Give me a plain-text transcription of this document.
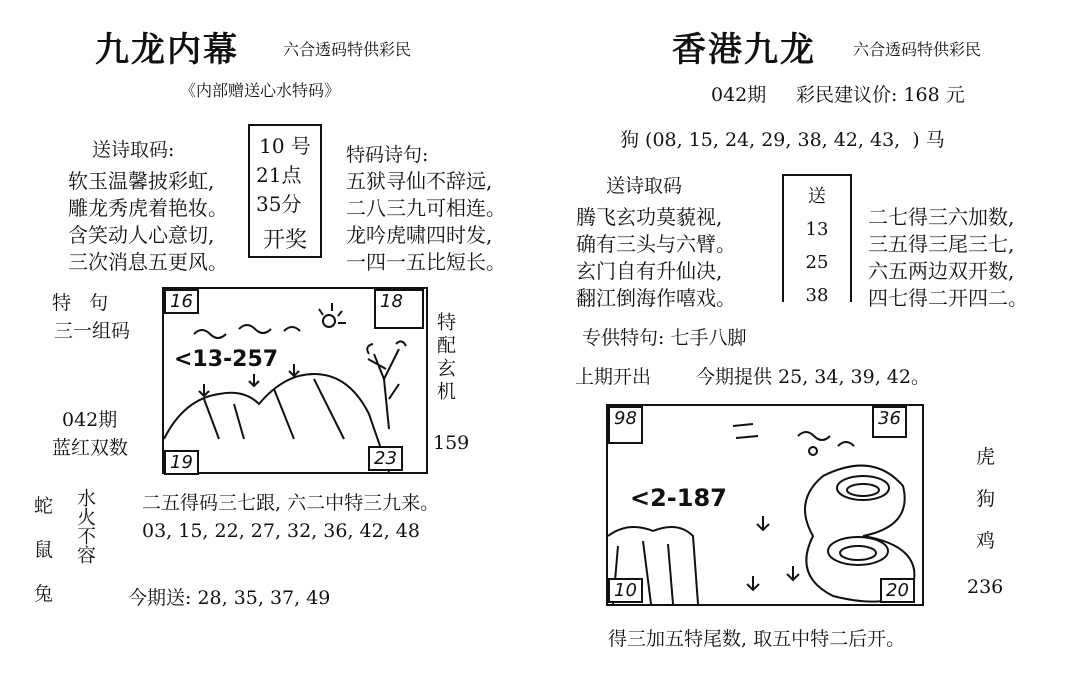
九龙内幕	六合透码特供彩民
《内部赠送心水特码》
送诗取码:
软玉温馨披彩虹,
雕龙秀虎着艳妆。
含笑动人心意切,
三次消息五更风。
10 号
21点
35分
开奖
特码诗句:
五狱寻仙不辞远,
二八三九可相连。
龙吟虎啸四时发,
一四一五比短长。
特   句
三一组码
042期
蓝红双数
<13-257
16	18
19	23
特配玄机
159
蛇
鼠
兔
水火不容 二五得码三七跟, 六二中特三九来。
03, 15, 22, 27, 32, 36, 42, 48
今期送: 28, 35, 37, 49
香港九龙 六合透码特供彩民
042期 彩民建议价: 168 元
狗 (08, 15, 24, 29, 38, 42, 43,  ) 马
送诗取码
腾飞玄功莫藐视,
确有三头与六臂。
玄门自有升仙决,
翻江倒海作嘻戏。
送
13
25
38
二七得三六加数,
三五得三尾三七,
六五两边双开数,
四七得二开四二。
专供特句: 七手八脚
上期开出 今期提供 25, 34, 39, 42。
<2-187
98	36
10	20
虎
狗
鸡
236
得三加五特尾数, 取五中特二后开。
